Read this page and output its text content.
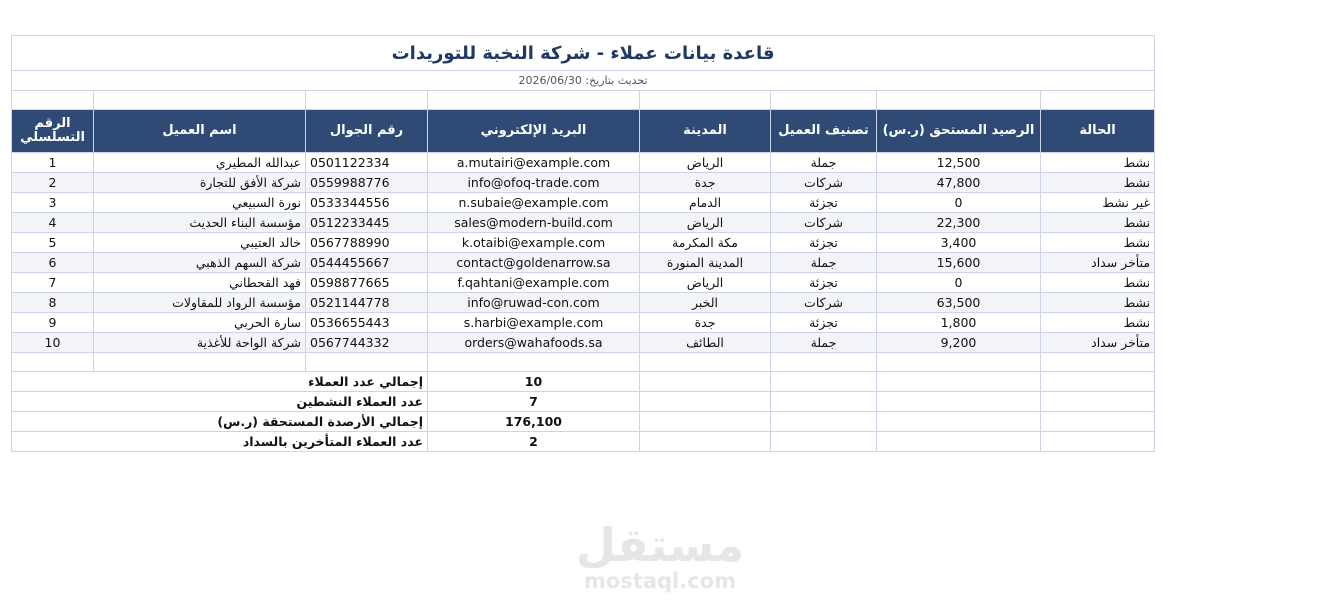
قاعدة بيانات عملاء - شركة النخبة للتوريدات							
تحديث بتاريخ: 2026/06/30							

الرقم التسلسلي	اسم العميل	رقم الجوال	البريد الإلكتروني	المدينة	تصنيف العميل	الرصيد المستحق (ر.س)	الحالة
1	عبدالله المطيري	0501122334	a.mutairi@example.com	الرياض	جملة	12,500	نشط
2	شركة الأفق للتجارة	0559988776	info@ofoq-trade.com	جدة	شركات	47,800	نشط
3	نورة السبيعي	0533344556	n.subaie@example.com	الدمام	تجزئة	0	غير نشط
4	مؤسسة البناء الحديث	0512233445	sales@modern-build.com	الرياض	شركات	22,300	نشط
5	خالد العتيبي	0567788990	k.otaibi@example.com	مكة المكرمة	تجزئة	3,400	نشط
6	شركة السهم الذهبي	0544455667	contact@goldenarrow.sa	المدينة المنورة	جملة	15,600	متأخر سداد
7	فهد القحطاني	0598877665	f.qahtani@example.com	الرياض	تجزئة	0	نشط
8	مؤسسة الرواد للمقاولات	0521144778	info@ruwad-con.com	الخبر	شركات	63,500	نشط
9	سارة الحربي	0536655443	s.harbi@example.com	جدة	تجزئة	1,800	نشط
10	شركة الواحة للأغذية	0567744332	orders@wahafoods.sa	الطائف	جملة	9,200	متأخر سداد

إجمالي عدد العملاء			10				
عدد العملاء النشطين			7				
إجمالي الأرصدة المستحقة (ر.س)			176,100				
عدد العملاء المتأخرين بالسداد			2				
مستقل
mostaql.com
